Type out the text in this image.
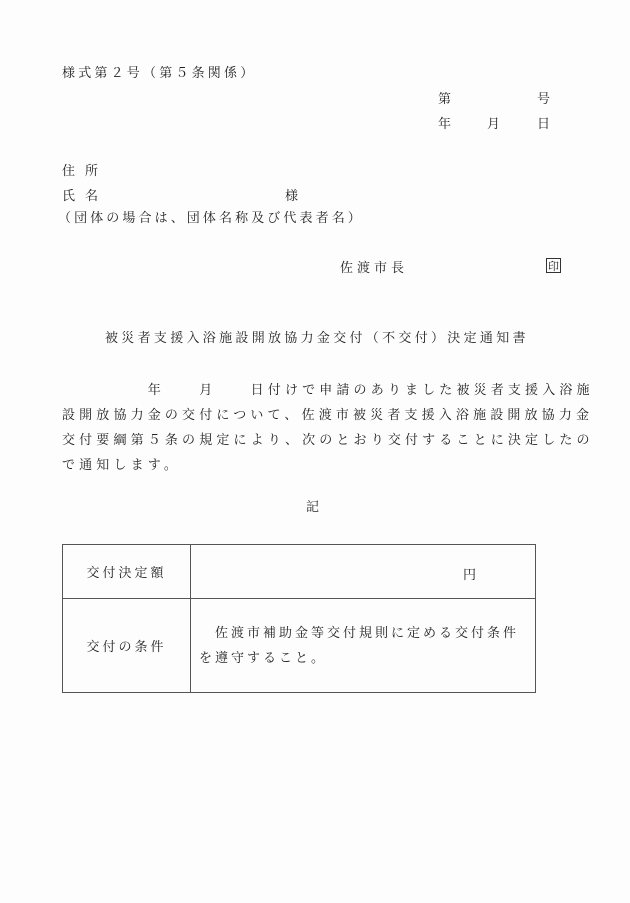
様式第２号（第５条関係）
第	号
年	月	日
住所
氏名	様
（団体の場合は、団体名称及び代表者名）
佐渡市長	印
被災者支援入浴施設開放協力金交付（不交付）決定通知書
　　　　　年　　月　　日付けで申請のありました被災者支援入浴施
設開放協力金の交付について、佐渡市被災者支援入浴施設開放協力金
交付要綱第５条の規定により、次のとおり交付することに決定したの
で通知します。
記
交付決定額	円

交付の条件	　佐渡市補助金等交付規則に定める交付条件
を遵守すること。
